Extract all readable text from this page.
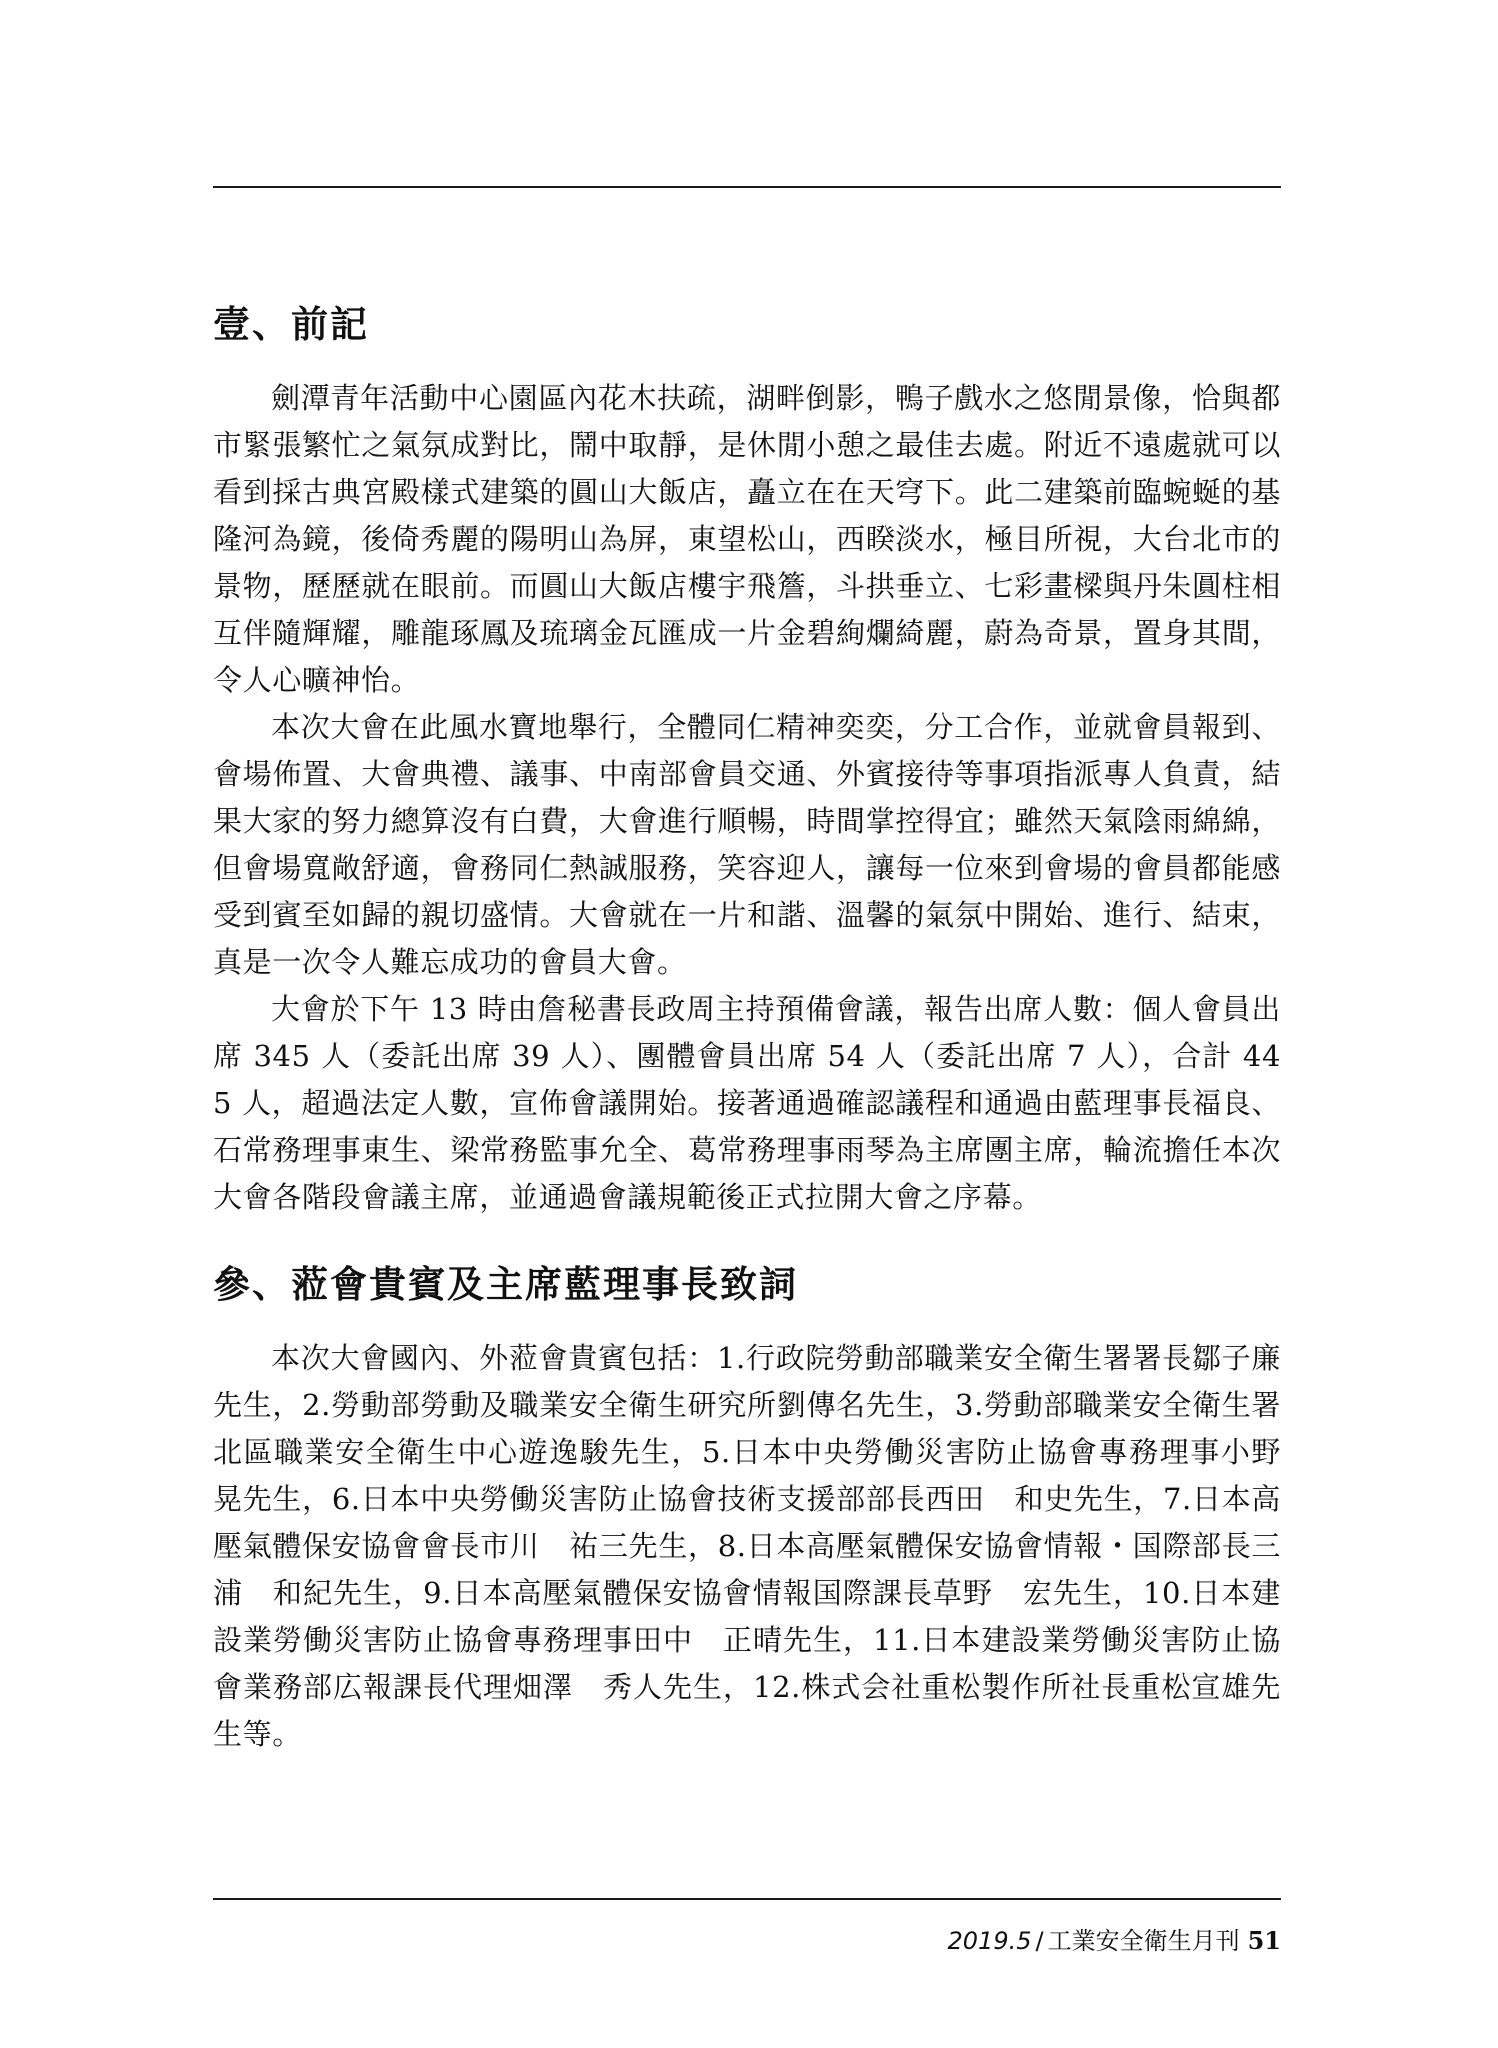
壹、前記

劍潭青年活動中心園區內花木扶疏，湖畔倒影，鴨子戲水之悠閒景像，恰與都市緊張繁忙之氣氛成對比，鬧中取靜，是休閒小憩之最佳去處。附近不遠處就可以看到採古典宮殿樣式建築的圓山大飯店，矗立在在天穹下。此二建築前臨蜿蜒的基隆河為鏡，後倚秀麗的陽明山為屏，東望松山，西睽淡水，極目所視，大台北市的景物，歷歷就在眼前。而圓山大飯店樓宇飛簷，斗拱垂立、七彩畫樑與丹朱圓柱相互伴隨輝耀，雕龍琢鳳及琉璃金瓦匯成一片金碧絢爛綺麗，蔚為奇景，置身其間，令人心曠神怡。

本次大會在此風水寶地舉行，全體同仁精神奕奕，分工合作，並就會員報到、會場佈置、大會典禮、議事、中南部會員交通、外賓接待等事項指派專人負責，結果大家的努力總算沒有白費，大會進行順暢，時間掌控得宜；雖然天氣陰雨綿綿，但會場寬敞舒適，會務同仁熱誠服務，笑容迎人，讓每一位來到會場的會員都能感受到賓至如歸的親切盛情。大會就在一片和諧、溫馨的氣氛中開始、進行、結束，真是一次令人難忘成功的會員大會。

大會於下午 13 時由詹秘書長政周主持預備會議，報告出席人數：個人會員出席 345 人（委託出席 39 人）、團體會員出席 54 人（委託出席 7 人），合計 445 人，超過法定人數，宣佈會議開始。接著通過確認議程和通過由藍理事長福良、石常務理事東生、梁常務監事允全、葛常務理事雨琴為主席團主席，輪流擔任本次大會各階段會議主席，並通過會議規範後正式拉開大會之序幕。

參、蒞會貴賓及主席藍理事長致詞

本次大會國內、外蒞會貴賓包括：1.行政院勞動部職業安全衛生署署長鄒子廉先生，2.勞動部勞動及職業安全衛生研究所劉傳名先生，3.勞動部職業安全衛生署北區職業安全衛生中心遊逸駿先生，5.日本中央勞働災害防止協會專務理事小野　晃先生，6.日本中央勞働災害防止協會技術支援部部長西田　和史先生，7.日本高壓氣體保安協會會長市川　祐三先生，8.日本高壓氣體保安協會情報・国際部長三浦　和紀先生，9.日本高壓氣體保安協會情報国際課長草野　宏先生，10.日本建設業勞働災害防止協會專務理事田中　正晴先生，11.日本建設業勞働災害防止協會業務部広報課長代理畑澤　秀人先生，12.株式会社重松製作所社長重松宣雄先生等。

2019.5 / 工業安全衛生月刊 51
